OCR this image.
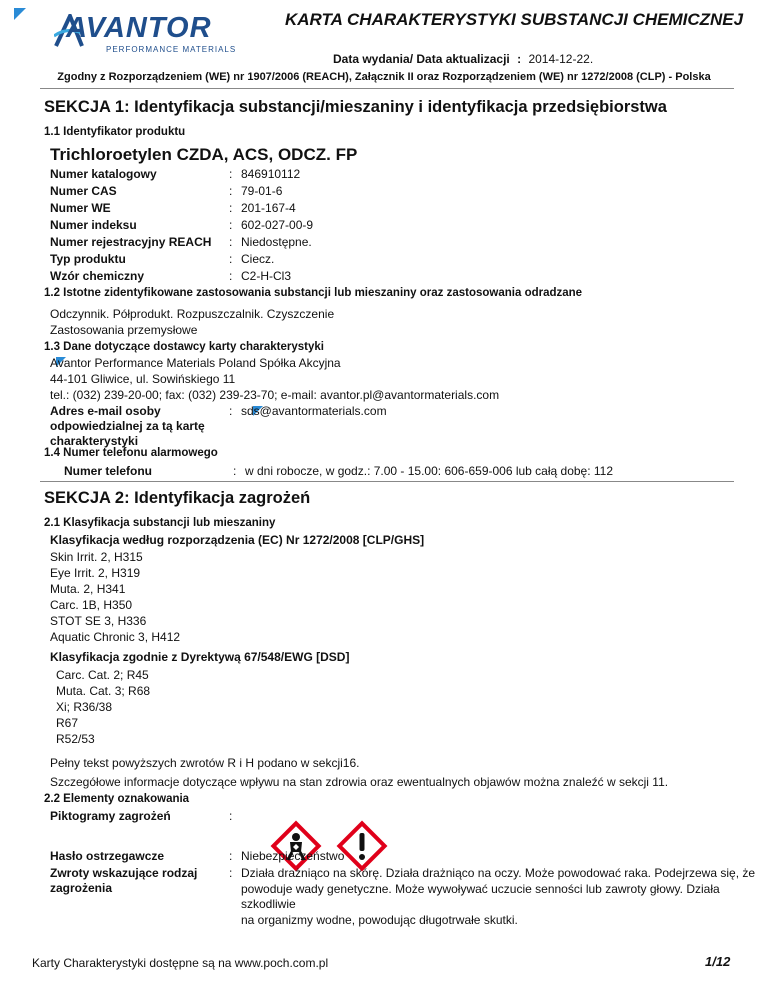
AVANTOR
PERFORMANCE MATERIALS
KARTA CHARAKTERYSTYKI SUBSTANCJI CHEMICZNEJ
Data wydania/ Data aktualizacji : 2014-12-22.
Zgodny z Rozporządzeniem (WE) nr 1907/2006 (REACH), Załącznik II oraz Rozporządzeniem (WE) nr 1272/2008 (CLP) - Polska
SEKCJA 1: Identyfikacja substancji/mieszaniny i identyfikacja przedsiębiorstwa
1.1 Identyfikator produktu
Trichloroetylen CZDA, ACS, ODCZ. FP
Numer katalogowy	: 846910112
Numer CAS	: 79-01-6
Numer WE	: 201-167-4
Numer indeksu	: 602-027-00-9
Numer rejestracyjny REACH : Niedostępne.
Typ produktu	: Ciecz.
Wzór chemiczny	: C2-H-Cl3
1.2 Istotne zidentyfikowane zastosowania substancji lub mieszaniny oraz zastosowania odradzane
Odczynnik. Półprodukt. Rozpuszczalnik. Czyszczenie
Zastosowania przemysłowe
1.3 Dane dotyczące dostawcy karty charakterystyki
Avantor Performance Materials Poland Spółka Akcyjna
44-101 Gliwice, ul. Sowińskiego 11
tel.: (032) 239-20-00; fax: (032) 239-23-70; e-mail: avantor.pl@avantormaterials.com
Adres e-mail osoby
odpowiedzialnej za tą kartę
charakterystyki
: sds@avantormaterials.com
1.4 Numer telefonu alarmowego
Numer telefonu	: w dni robocze, w godz.: 7.00 - 15.00: 606-659-006 lub całą dobę: 112
SEKCJA 2: Identyfikacja zagrożeń
2.1 Klasyfikacja substancji lub mieszaniny
Klasyfikacja według rozporządzenia (EC) Nr 1272/2008 [CLP/GHS]
Skin Irrit. 2, H315
Eye Irrit. 2, H319
Muta. 2, H341
Carc. 1B, H350
STOT SE 3, H336
Aquatic Chronic 3, H412
Klasyfikacja zgodnie z Dyrektywą 67/548/EWG [DSD]
Carc. Cat. 2; R45
Muta. Cat. 3; R68
Xi; R36/38
R67
R52/53
Pełny tekst powyższych zwrotów R i H podano w sekcji16.
Szczegółowe informacje dotyczące wpływu na stan zdrowia oraz ewentualnych objawów można znaleźć w sekcji 11.
2.2 Elementy oznakowania
Piktogramy zagrożeń	:
Hasło ostrzegawcze	: Niebezpieczeństwo
Zwroty wskazujące rodzaj
zagrożenia
: Działa drażniąco na skórę. Działa drażniąco na oczy. Może powodować raka. Podejrzewa się, że
powoduje wady genetyczne. Może wywoływać uczucie senności lub zawroty głowy. Działa szkodliwie
na organizmy wodne, powodując długotrwałe skutki.
Karty Charakterystyki dostępne są na www.poch.com.pl	1/12
